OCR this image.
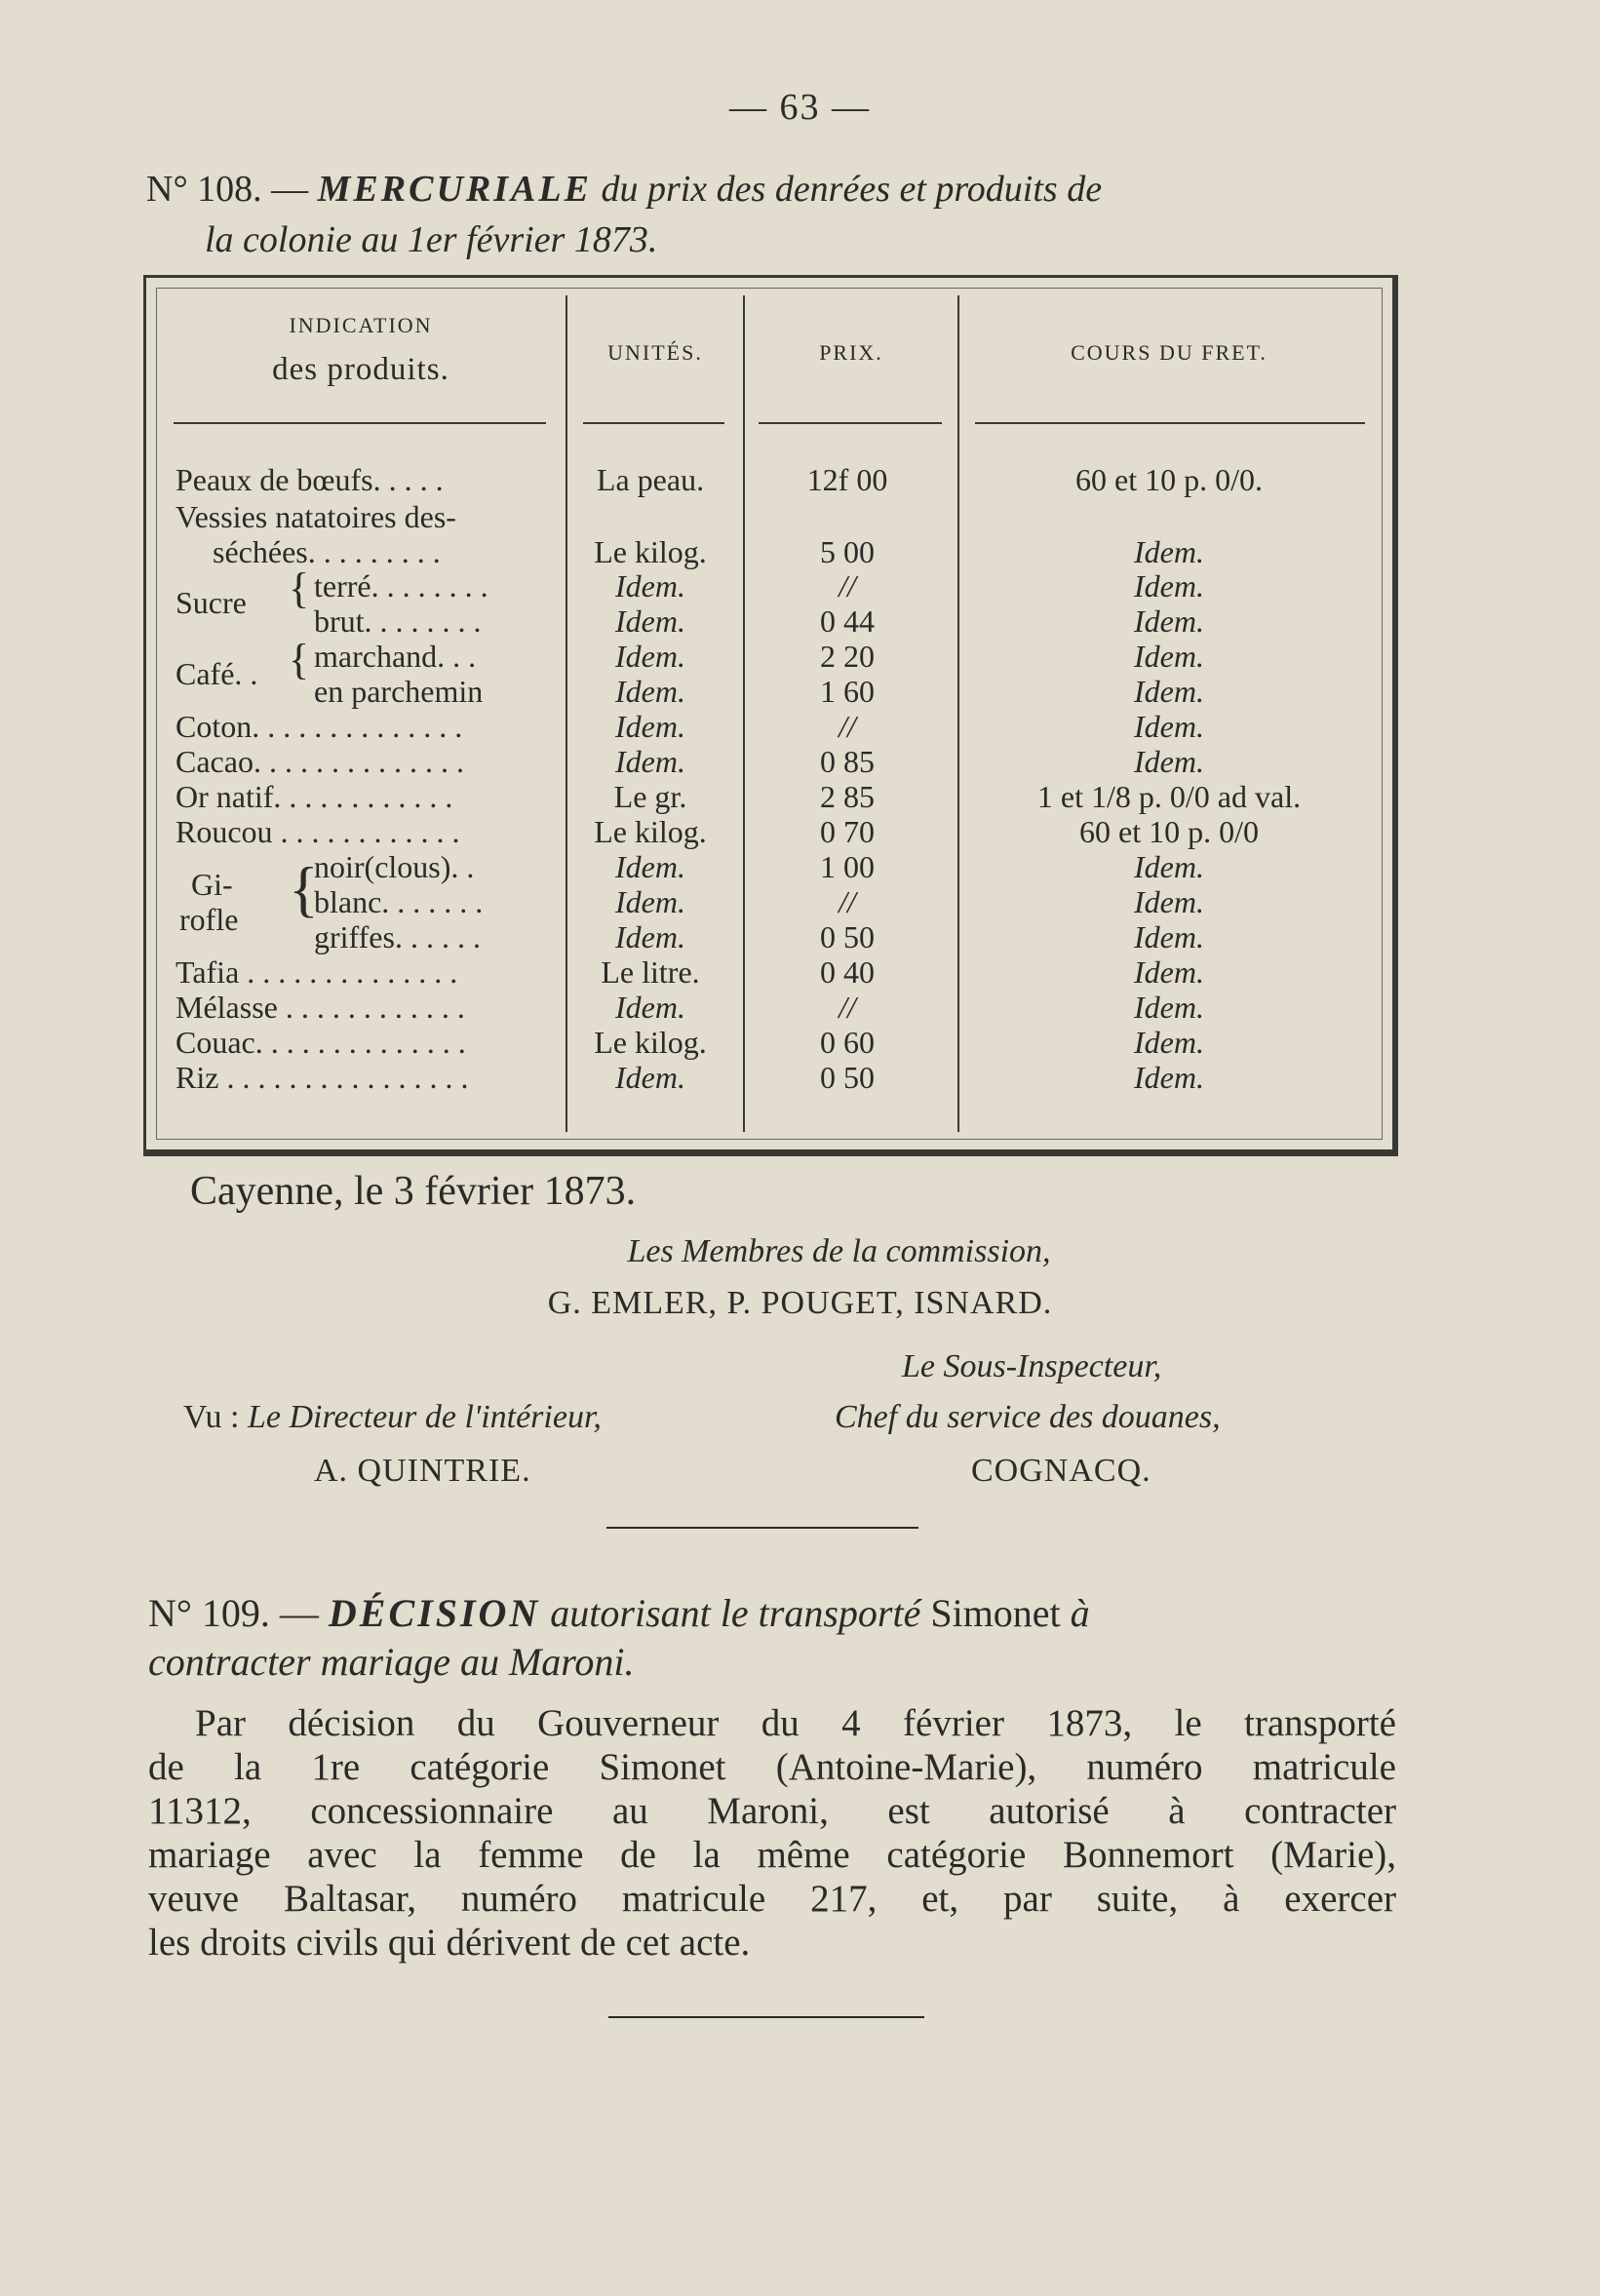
— 63 —
N° 108. — MERCURIALE du prix des denrées et produits de
la colonie au 1er février 1873.
INDICATION
des produits.	UNITÉS.	PRIX.	COURS DU FRET.
Peaux de bœufs. . . . .	La peau.	12f 00	60 et 10 p. 0/0.
Vessies natatoires des-
séchées. . . . . . . . .	Le kilog.	5 00	Idem.
Sucre { terré. . . . . . . .	Idem.	//	Idem.
brut. . . . . . . .	Idem.	0 44	Idem.
Café. . { marchand. . .	Idem.	2 20	Idem.
en parchemin	Idem.	1 60	Idem.
Coton. . . . . . . . . . . . . .	Idem.	//	Idem.
Cacao. . . . . . . . . . . . . .	Idem.	0 85	Idem.
Or natif. . . . . . . . . . . .	Le gr.	2 85	1 et 1/8 p. 0/0 ad val.
Roucou . . . . . . . . . . . .	Le kilog.	0 70	60 et 10 p. 0/0
Gi-
rofle {
noir(clous). .	Idem.	1 00	Idem.
blanc. . . . . . .	Idem.	//	Idem.
griffes. . . . . .	Idem.	0 50	Idem.
Tafia . . . . . . . . . . . . . .	Le litre.	0 40	Idem.
Mélasse . . . . . . . . . . . .	Idem.	//	Idem.
Couac. . . . . . . . . . . . . .	Le kilog.	0 60	Idem.
Riz . . . . . . . . . . . . . . . .	Idem.	0 50	Idem.
Cayenne, le 3 février 1873.
Les Membres de la commission,
G. EMLER, P. POUGET, ISNARD.
Le Sous-Inspecteur,
Vu : Le Directeur de l'intérieur,	Chef du service des douanes,
A. QUINTRIE.	COGNACQ.
N° 109. — DÉCISION autorisant le transporté Simonet à
contracter mariage au Maroni.
Par décision du Gouverneur du 4 février 1873, le transporté
de la 1re catégorie Simonet (Antoine-Marie), numéro matricule
11312, concessionnaire au Maroni, est autorisé à contracter
mariage avec la femme de la même catégorie Bonnemort (Marie),
veuve Baltasar, numéro matricule 217, et, par suite, à exercer
les droits civils qui dérivent de cet acte.
